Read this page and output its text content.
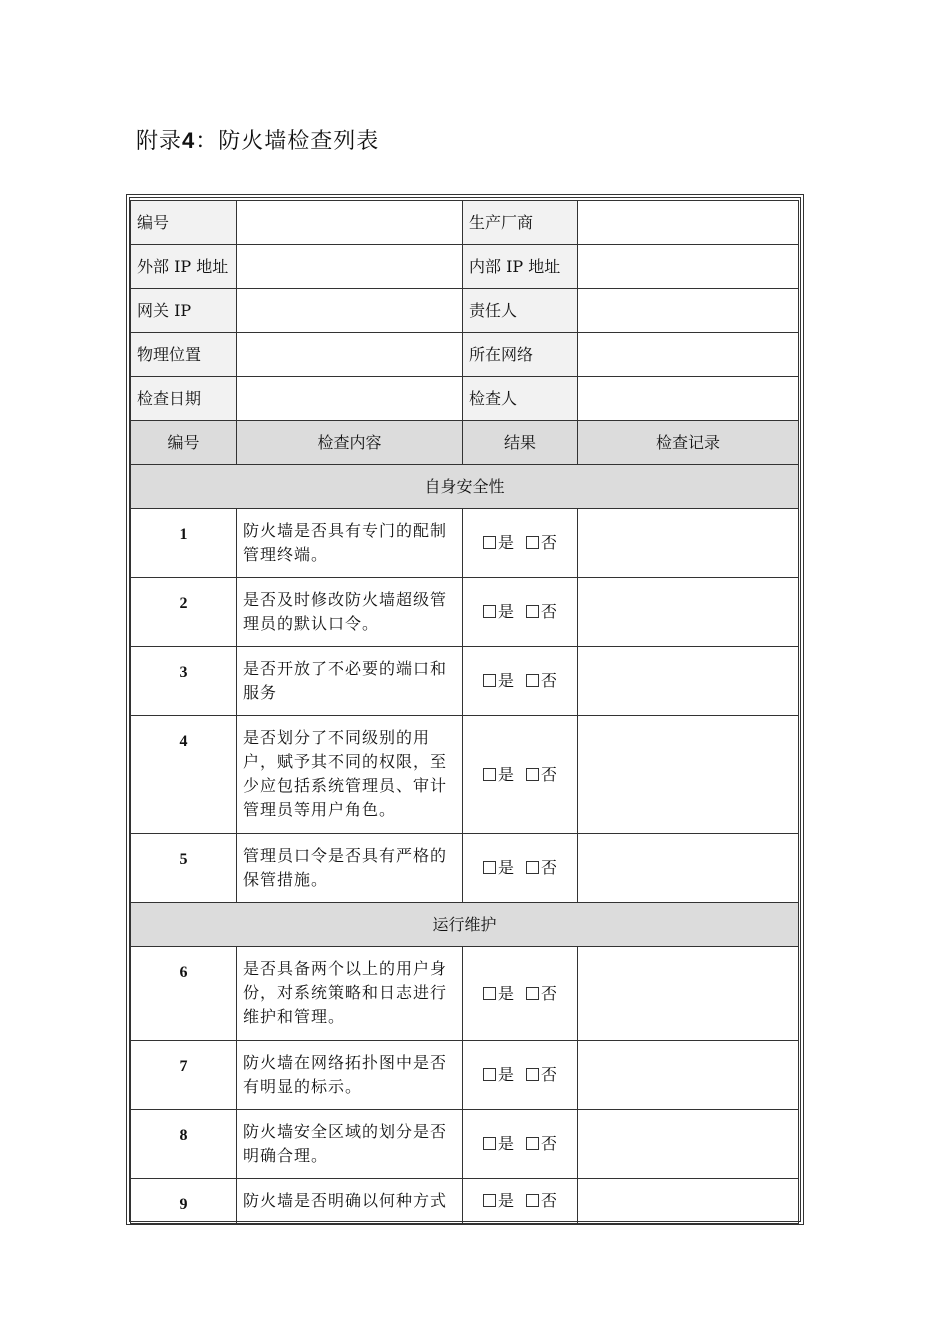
附录4：防火墙检查列表
编号		生产厂商	
外部 IP 地址		内部 IP 地址	
网关 IP		责任人	
物理位置		所在网络	
检查日期		检查人	
编号	检查内容	结果	检查记录
自身安全性			
1	防火墙是否具有专门的配制管理终端。	是 否	
2	是否及时修改防火墙超级管理员的默认口令。	是 否	
3	是否开放了不必要的端口和服务	是 否	
4	是否划分了不同级别的用户，赋予其不同的权限，至少应包括系统管理员、审计管理员等用户角色。	是 否	
5	管理员口令是否具有严格的保管措施。	是 否	
运行维护			
6	是否具备两个以上的用户身份，对系统策略和日志进行维护和管理。	是 否	
7	防火墙在网络拓扑图中是否有明显的标示。	是 否	
8	防火墙安全区域的划分是否明确合理。	是 否	
9	防火墙是否明确以何种方式	是 否	
